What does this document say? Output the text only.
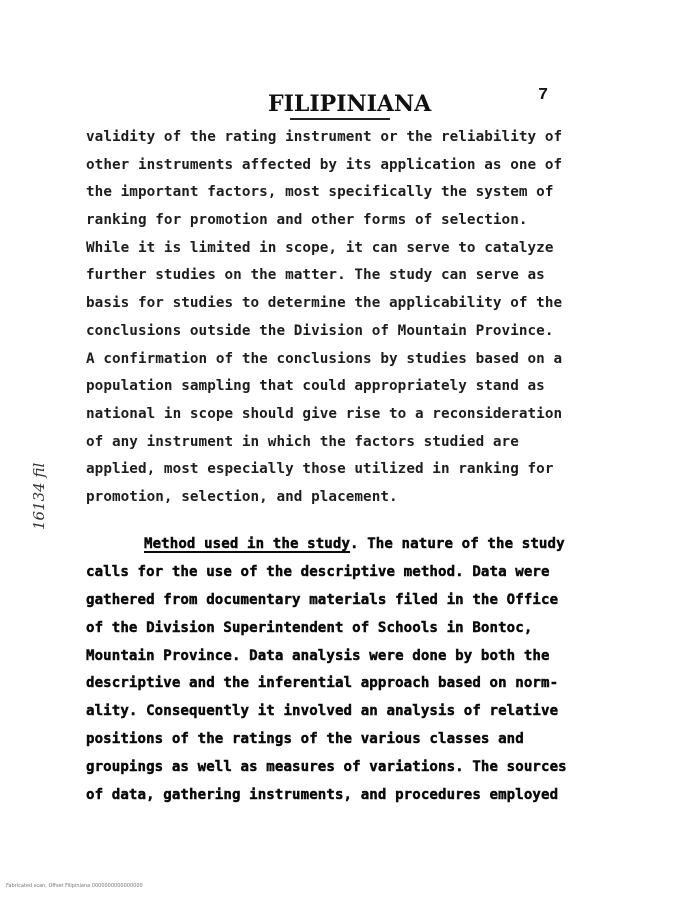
FILIPINIANA	7
validity of the rating instrument or the reliability of
other instruments affected by its application as one of
the important factors, most specifically the system of
ranking for promotion and other forms of selection.
While it is limited in scope, it can serve to catalyze
further studies on the matter. The study can serve as
basis for studies to determine the applicability of the
conclusions outside the Division of Mountain Province.
A confirmation of the conclusions by studies based on a
population sampling that could appropriately stand as
national in scope should give rise to a reconsideration
of any instrument in which the factors studied are
applied, most especially those utilized in ranking for
promotion, selection, and placement.
Method used in the study. The nature of the study
calls for the use of the descriptive method. Data were
gathered from documentary materials filed in the Office
of the Division Superintendent of Schools in Bontoc,
Mountain Province. Data analysis were done by both the
descriptive and the inferential approach based on norm-
ality. Consequently it involved an analysis of relative
positions of the ratings of the various classes and
groupings as well as measures of variations. The sources
of data, gathering instruments, and procedures employed
16134 fil
Fabricated scan, Offset Filipiniana 0000000000000000
